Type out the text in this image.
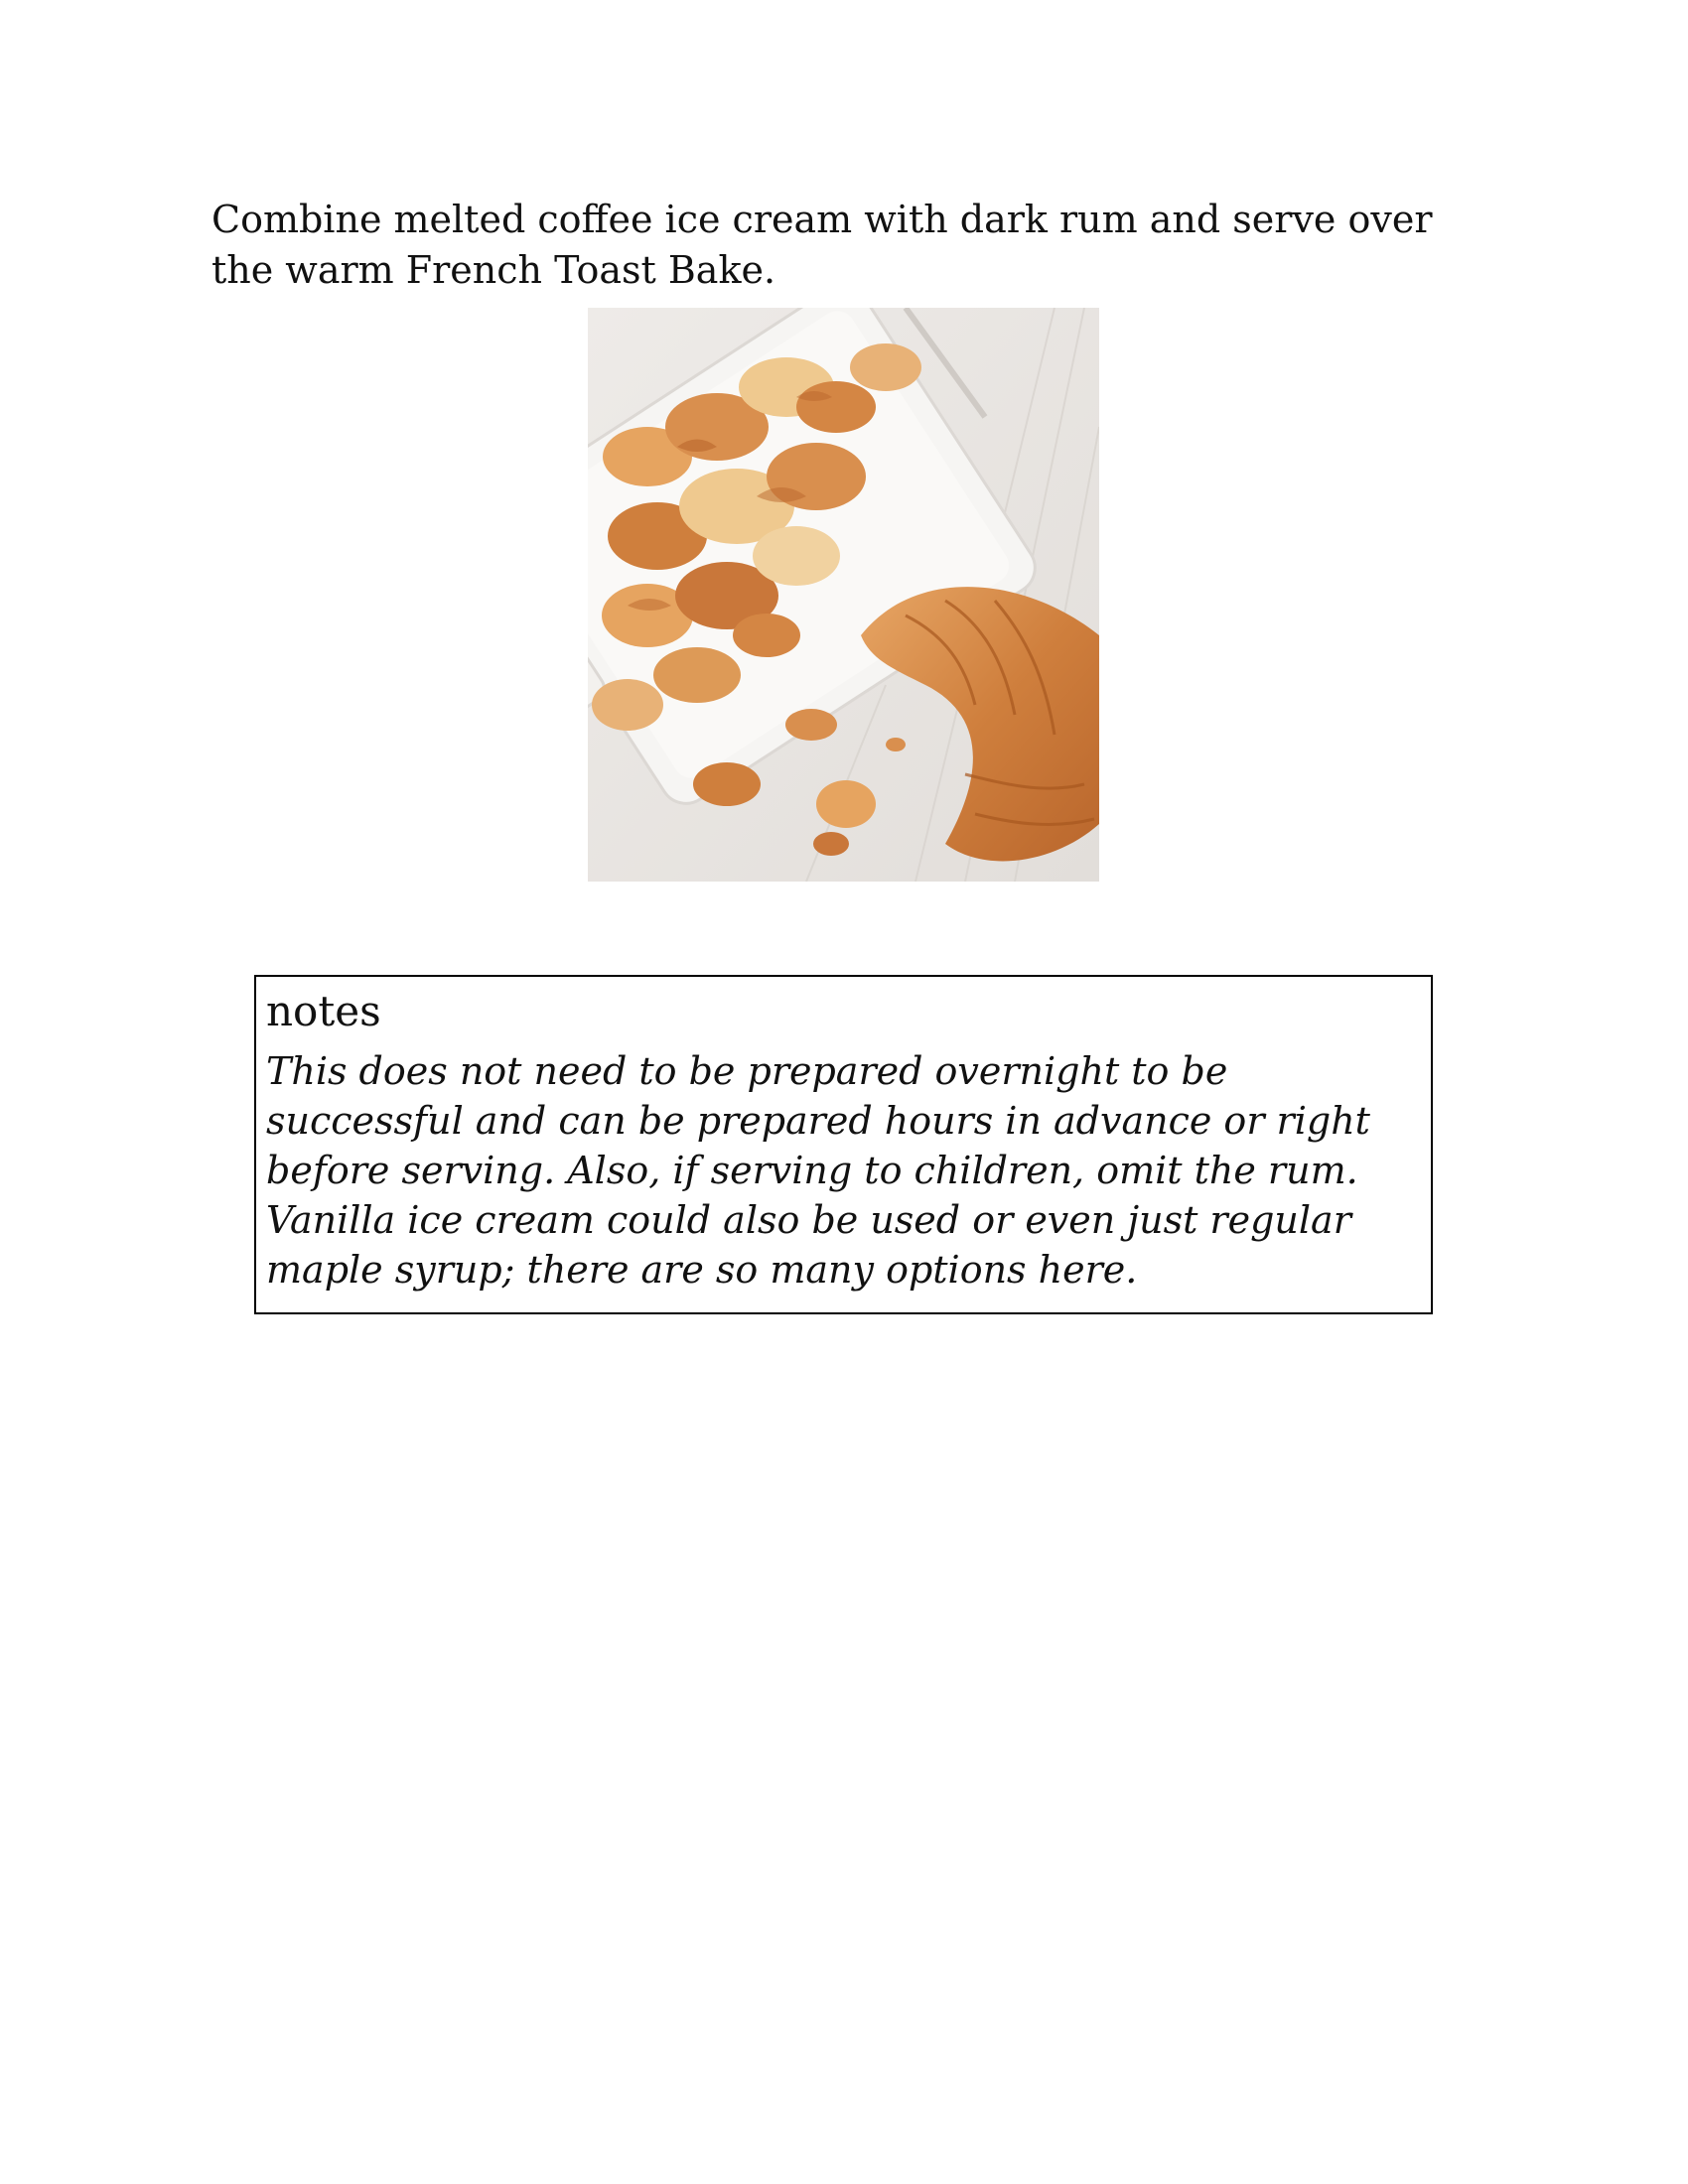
Combine melted coffee ice cream with dark rum and serve over the warm French Toast Bake.

notes

This does not need to be prepared overnight to be successful and can be prepared hours in advance or right before serving. Also, if serving to children, omit the rum. Vanilla ice cream could also be used or even just regular maple syrup; there are so many options here.
